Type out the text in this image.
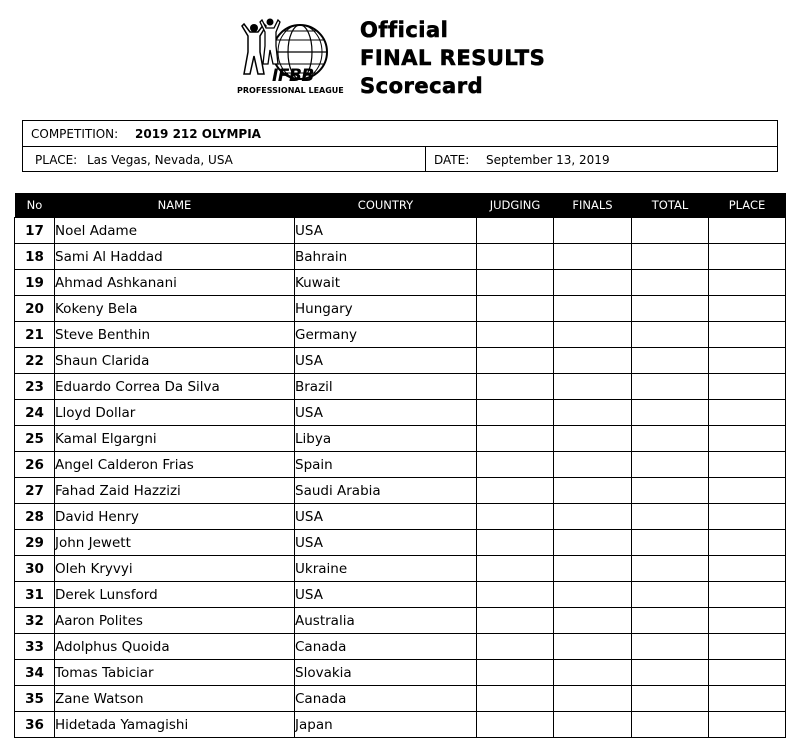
IFBB
PROFESSIONAL LEAGUE
Official
FINAL RESULTS
Scorecard
COMPETITION: 2019 212 OLYMPIA
PLACE: Las Vegas, Nevada, USA	DATE: September 13, 2019
No	NAME	COUNTRY	JUDGING	FINALS	TOTAL	PLACE
17	Noel Adame	USA				
18	Sami Al Haddad	Bahrain				
19	Ahmad Ashkanani	Kuwait				
20	Kokeny Bela	Hungary				
21	Steve Benthin	Germany				
22	Shaun Clarida	USA				
23	Eduardo Correa Da Silva	Brazil				
24	Lloyd Dollar	USA				
25	Kamal Elgargni	Libya				
26	Angel Calderon Frias	Spain				
27	Fahad Zaid Hazzizi	Saudi Arabia				
28	David Henry	USA				
29	John Jewett	USA				
30	Oleh Kryvyi	Ukraine				
31	Derek Lunsford	USA				
32	Aaron Polites	Australia				
33	Adolphus Quoida	Canada				
34	Tomas Tabiciar	Slovakia				
35	Zane Watson	Canada				
36	Hidetada Yamagishi	Japan				
